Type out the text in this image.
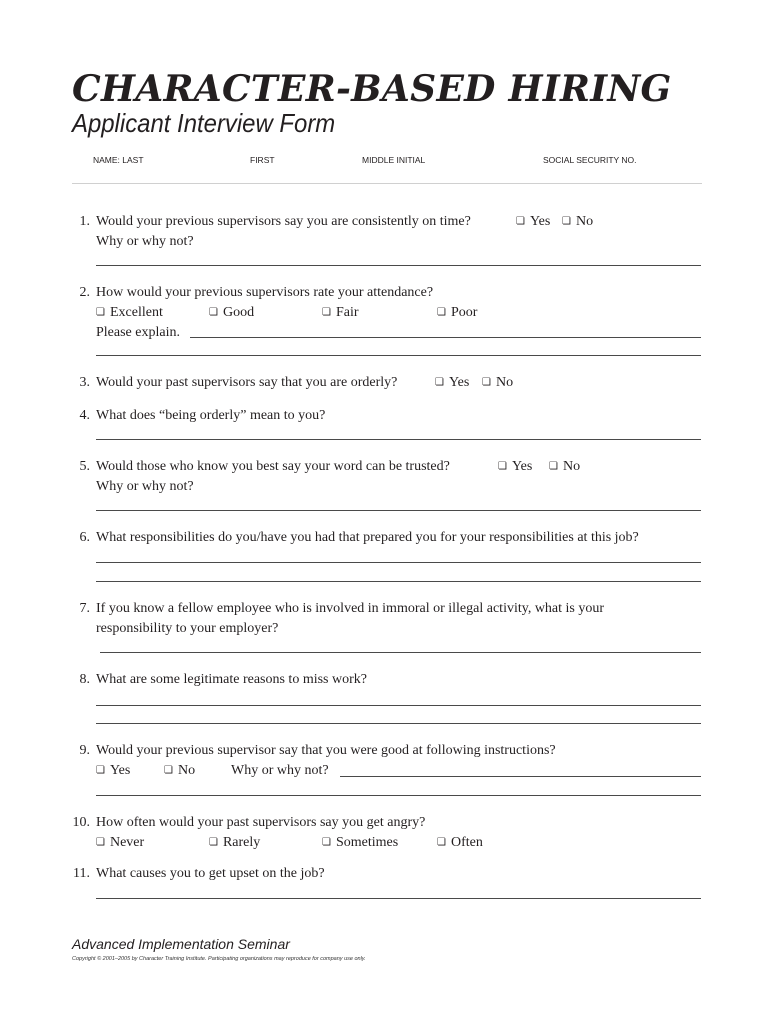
CHARACTER-BASED HIRING
Applicant Interview Form
NAME: LAST	FIRST	MIDDLE INITIAL	SOCIAL SECURITY NO.
1. Would your previous supervisors say you are consistently on time?	❏ Yes ❏ No
Why or why not?
2. How would your previous supervisors rate your attendance?
❏ Excellent	❏ Good	❏ Fair	❏ Poor
Please explain.
3. Would your past supervisors say that you are orderly?	❏ Yes ❏ No
4. What does “being orderly” mean to you?
5. Would those who know you best say your word can be trusted?	❏ Yes ❏ No
Why or why not?
6. What responsibilities do you/have you had that prepared you for your responsibilities at this job?
7. If you know a fellow employee who is involved in immoral or illegal activity, what is your
responsibility to your employer?
8. What are some legitimate reasons to miss work?
9. Would your previous supervisor say that you were good at following instructions?
❏ Yes	❏ No	Why or why not?
10. How often would your past supervisors say you get angry?
❏ Never	❏ Rarely	❏ Sometimes	❏ Often
11. What causes you to get upset on the job?
Advanced Implementation Seminar
Copyright © 2001–2005 by Character Training Institute. Participating organizations may reproduce for company use only.
